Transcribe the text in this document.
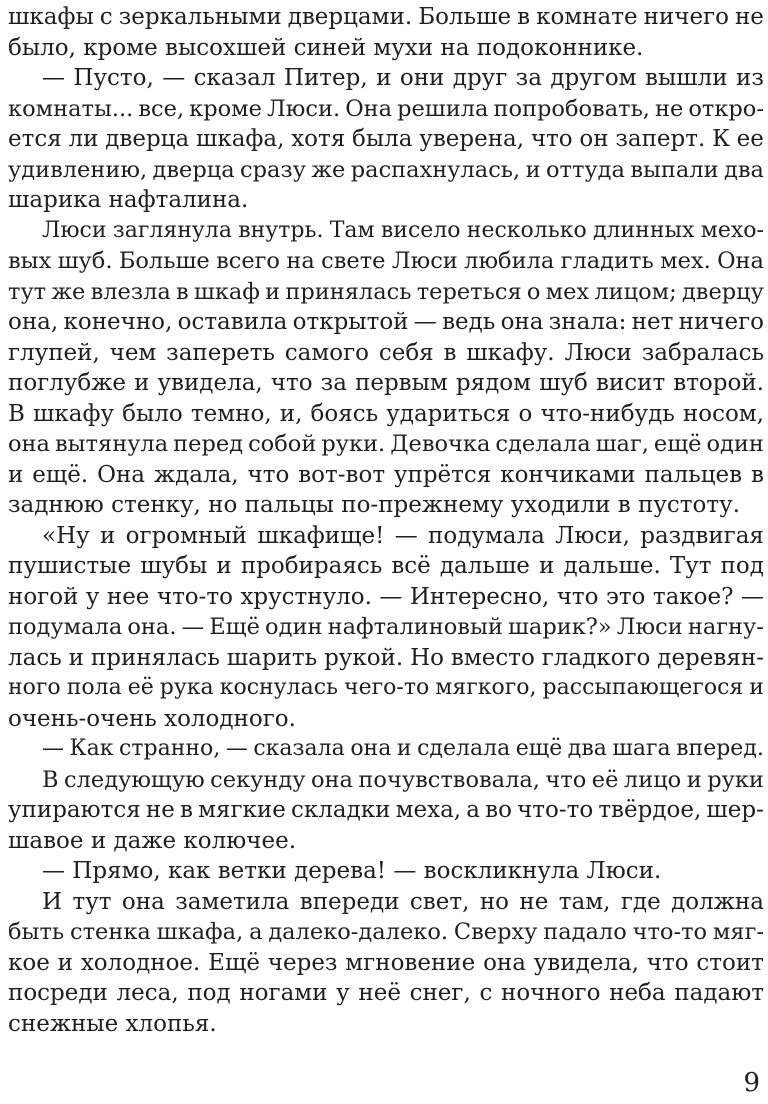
шкафы с зеркальными дверцами. Больше в комнате ничего не
было, кроме высохшей синей мухи на подоконнике.
— Пусто, — сказал Питер, и они друг за другом вышли из
комнаты... все, кроме Люси. Она решила попробовать, не откро-
ется ли дверца шкафа, хотя была уверена, что он заперт. К ее
удивлению, дверца сразу же распахнулась, и оттуда выпали два
шарика нафталина.
Люси заглянула внутрь. Там висело несколько длинных мехо-
вых шуб. Больше всего на свете Люси любила гладить мех. Она
тут же влезла в шкаф и принялась тереться о мех лицом; дверцу
она, конечно, оставила открытой — ведь она знала: нет ничего
глупей, чем запереть самого себя в шкафу. Люси забралась
поглубже и увидела, что за первым рядом шуб висит второй.
В шкафу было темно, и, боясь удариться о что-нибудь носом,
она вытянула перед собой руки. Девочка сделала шаг, ещё один
и ещё. Она ждала, что вот-вот упрётся кончиками пальцев в
заднюю стенку, но пальцы по-прежнему уходили в пустоту.
«Ну и огромный шкафище! — подумала Люси, раздвигая
пушистые шубы и пробираясь всё дальше и дальше. Тут под
ногой у нее что-то хрустнуло. — Интересно, что это такое? —
подумала она. — Ещё один нафталиновый шарик?» Люси нагну-
лась и принялась шарить рукой. Но вместо гладкого деревян-
ного пола её рука коснулась чего-то мягкого, рассыпающегося и
очень-очень холодного.
— Как странно, — сказала она и сделала ещё два шага вперед.
В следующую секунду она почувствовала, что её лицо и руки
упираются не в мягкие складки меха, а во что-то твёрдое, шер-
шавое и даже колючее.
— Прямо, как ветки дерева! — воскликнула Люси.
И тут она заметила впереди свет, но не там, где должна
быть стенка шкафа, а далеко-далеко. Сверху падало что-то мяг-
кое и холодное. Ещё через мгновение она увидела, что стоит
посреди леса, под ногами у неё снег, с ночного неба падают
снежные хлопья.
9
